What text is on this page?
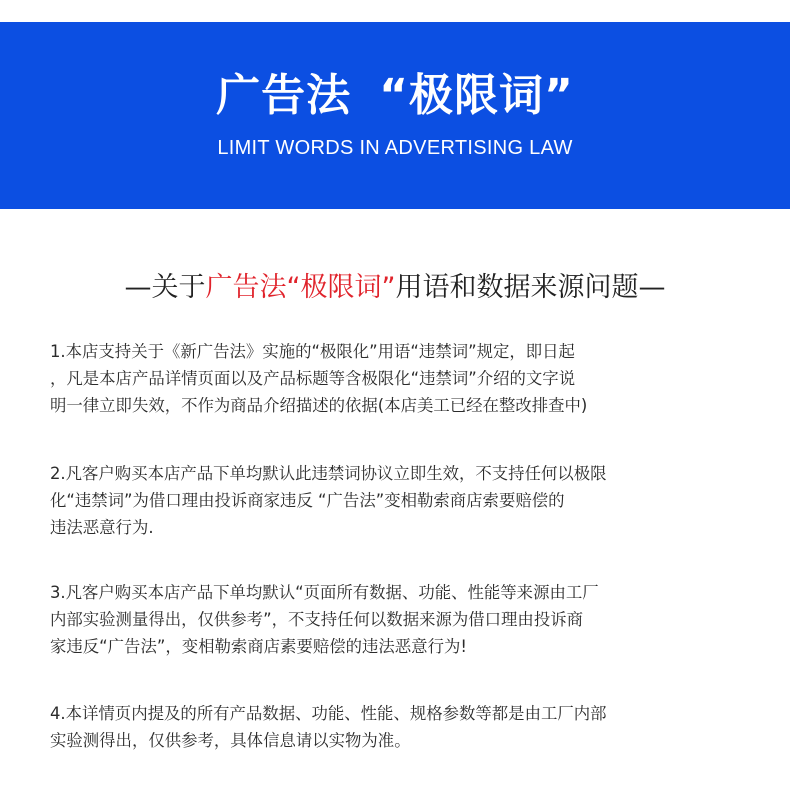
广告法 “极限词”
LIMIT WORDS IN ADVERTISING LAW
—关于广告法“极限词”用语和数据来源问题—
1.本店支持关于《新广告法》实施的“极限化”用语“违禁词”规定，即日起
，凡是本店产品详情页面以及产品标题等含极限化“违禁词”介绍的文字说
明一律立即失效，不作为商品介绍描述的依据(本店美工已经在整改排查中)
2.凡客户购买本店产品下单均默认此违禁词协议立即生效，不支持任何以极限
化“违禁词”为借口理由投诉商家违反 “广告法”变相勒索商店索要赔偿的
违法恶意行为.
3.凡客户购买本店产品下单均默认“页面所有数据、功能、性能等来源由工厂
内部实验测量得出，仅供参考”，不支持任何以数据来源为借口理由投诉商
家违反“广告法”，变相勒索商店素要赔偿的违法恶意行为!
4.本详情页内提及的所有产品数据、功能、性能、规格参数等都是由工厂内部
实验测得出，仅供参考，具体信息请以实物为准。
